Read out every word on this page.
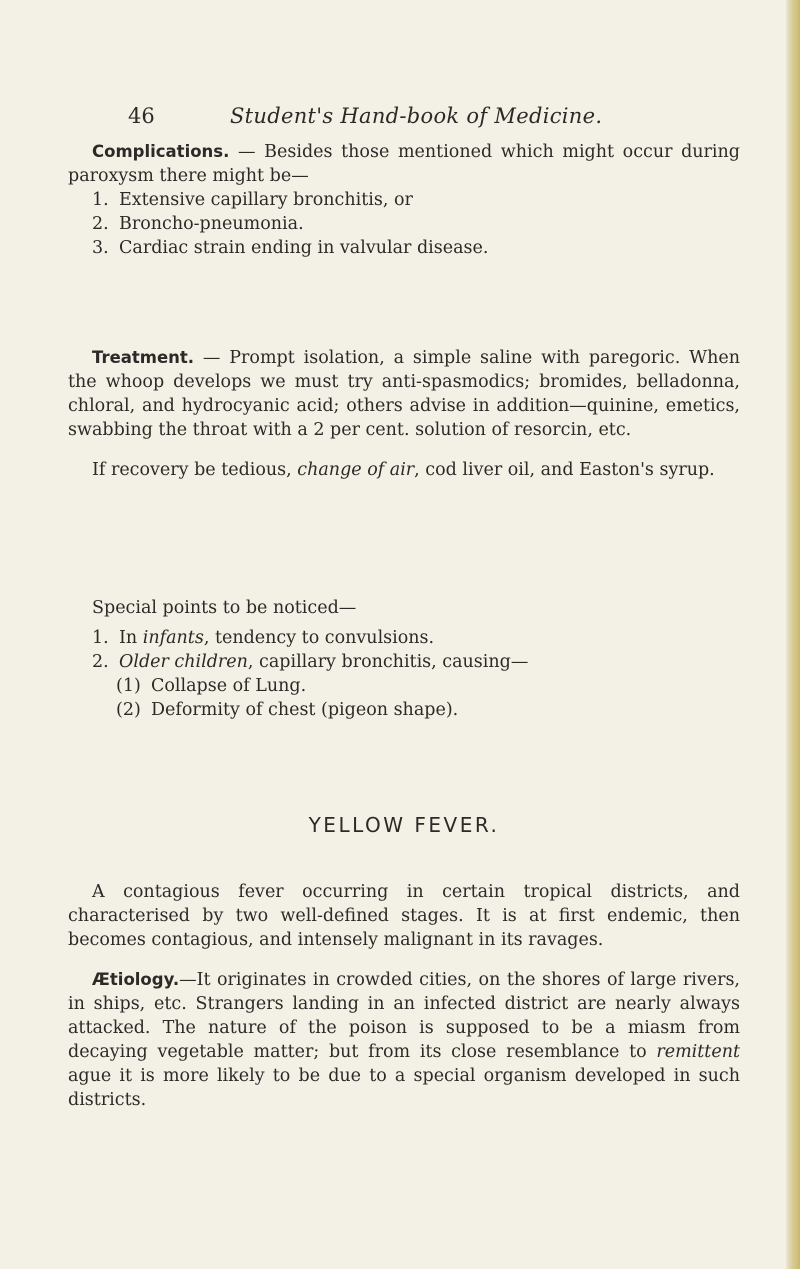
46	Student's Hand-book of Medicine.

Complications. — Besides those mentioned which might occur during paroxysm there might be—

1. Extensive capillary bronchitis, or
2. Broncho-pneumonia.
3. Cardiac strain ending in valvular disease.

Treatment. — Prompt isolation, a simple saline with paregoric. When the whoop develops we must try anti-spasmodics; bromides, belladonna, chloral, and hydrocyanic acid; others advise in addition—quinine, emetics, swabbing the throat with a 2 per cent. solution of resorcin, etc.

If recovery be tedious, change of air, cod liver oil, and Easton's syrup.

Special points to be noticed—

1. In infants, tendency to convulsions.
2. Older children, capillary bronchitis, causing—
(1) Collapse of Lung.
(2) Deformity of chest (pigeon shape).
YELLOW FEVER.

A contagious fever occurring in certain tropical districts, and characterised by two well-defined stages. It is at first endemic, then becomes contagious, and intensely malignant in its ravages.

Ætiology.—It originates in crowded cities, on the shores of large rivers, in ships, etc. Strangers landing in an infected district are nearly always attacked. The nature of the poison is supposed to be a miasm from decaying vegetable matter; but from its close resemblance to remittent ague it is more likely to be due to a special organism developed in such districts.
